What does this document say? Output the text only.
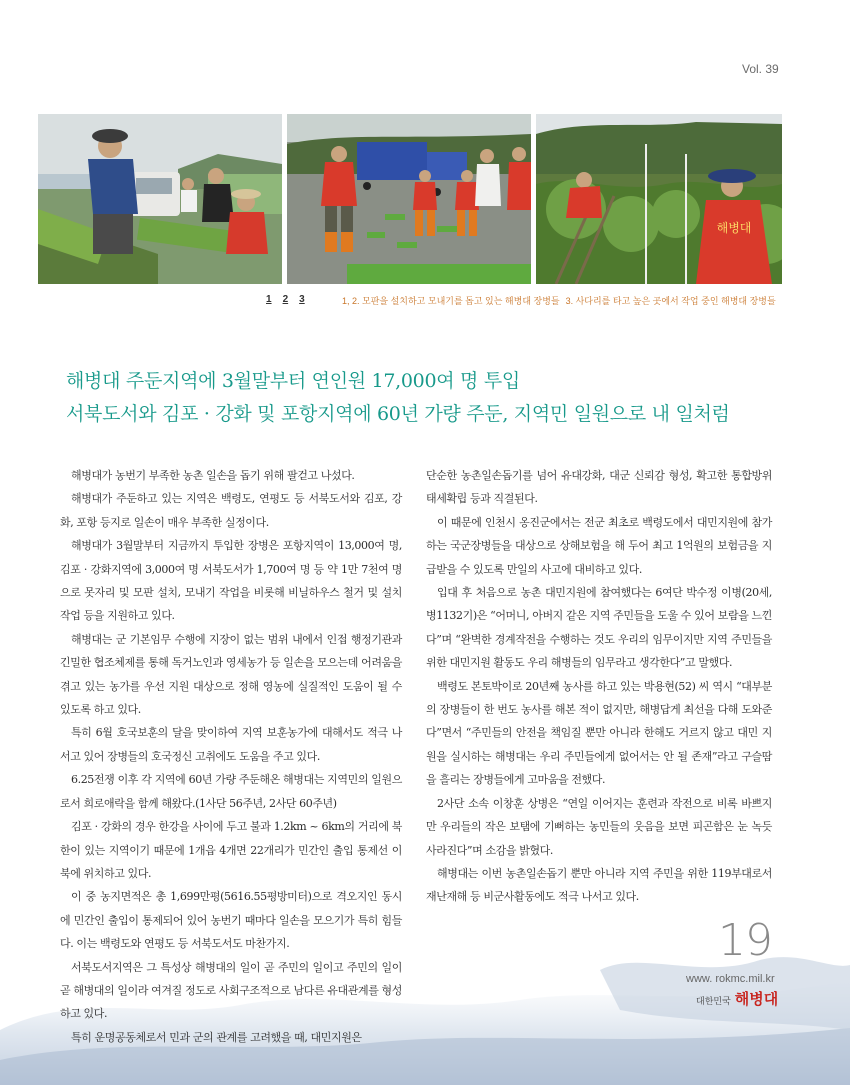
Vol. 39
해병대
1 2 3	1, 2. 모판을 설치하고 모내기를 돕고 있는 해병대 장병들 3. 사다리를 타고 높은 곳에서 작업 중인 해병대 장병들
해병대 주둔지역에 3월말부터 연인원 17,000여 명 투입
서북도서와 김포 · 강화 및 포항지역에 60년 가량 주둔, 지역민 일원으로 내 일처럼

해병대가 농번기 부족한 농촌 일손을 돕기 위해 팔걷고 나섰다.

해병대가 주둔하고 있는 지역은 백령도, 연평도 등 서북도서와 김포, 강화, 포항 등지로 일손이 매우 부족한 실정이다.

해병대가 3월말부터 지금까지 투입한 장병은 포항지역이 13,000여 명, 김포 · 강화지역에 3,000여 명 서북도서가 1,700여 명 등 약 1만 7천여 명으로 못자리 및 모판 설치, 모내기 작업을 비롯해 비닐하우스 철거 및 설치작업 등을 지원하고 있다.

해병대는 군 기본임무 수행에 지장이 없는 범위 내에서 인접 행정기관과 긴밀한 협조체제를 통해 독거노인과 영세농가 등 일손을 모으는데 어려움을 겪고 있는 농가를 우선 지원 대상으로 정해 영농에 실질적인 도움이 될 수 있도록 하고 있다.

특히 6월 호국보훈의 달을 맞이하여 지역 보훈농가에 대해서도 적극 나서고 있어 장병들의 호국정신 고취에도 도움을 주고 있다.

6.25전쟁 이후 각 지역에 60년 가량 주둔해온 해병대는 지역민의 일원으로서 희로애락을 함께 해왔다.(1사단 56주년, 2사단 60주년)

김포 · 강화의 경우 한강을 사이에 두고 불과 1.2km ~ 6km의 거리에 북한이 있는 지역이기 때문에 1개읍 4개면 22개리가 민간인 출입 통제선 이북에 위치하고 있다.

이 중 농지면적은 총 1,699만평(5616.55평방미터)으로 격오지인 동시에 민간인 출입이 통제되어 있어 농번기 때마다 일손을 모으기가 특히 힘들다. 이는 백령도와 연평도 등 서북도서도 마찬가지.

서북도서지역은 그 특성상 해병대의 일이 곧 주민의 일이고 주민의 일이 곧 해병대의 일이라 여겨질 정도로 사회구조적으로 남다른 유대관계를 형성하고 있다.

특히 운명공동체로서 민과 군의 관계를 고려했을 때, 대민지원은

단순한 농촌일손돕기를 넘어 유대강화, 대군 신뢰감 형성, 확고한 통합방위태세확립 등과 직결된다.

이 때문에 인천시 옹진군에서는 전군 최초로 백령도에서 대민지원에 참가하는 국군장병들을 대상으로 상해보험을 해 두어 최고 1억원의 보험금을 지급받을 수 있도록 만일의 사고에 대비하고 있다.

입대 후 처음으로 농촌 대민지원에 참여했다는 6여단 박수정 이병(20세, 병1132기)은 “어머니, 아버지 같은 지역 주민들을 도울 수 있어 보람을 느낀다”며 “완벽한 경계작전을 수행하는 것도 우리의 임무이지만 지역 주민들을 위한 대민지원 활동도 우리 해병들의 임무라고 생각한다”고 말했다.

백령도 본토박이로 20년째 농사를 하고 있는 박용현(52) 씨 역시 “대부분의 장병들이 한 번도 농사를 해본 적이 없지만, 해병답게 최선을 다해 도와준다”면서 “주민들의 안전을 책임질 뿐만 아니라 한해도 거르지 않고 대민 지원을 실시하는 해병대는 우리 주민들에게 없어서는 안 될 존재”라고 구슬땀을 흘리는 장병들에게 고마움을 전했다.

2사단 소속 이창훈 상병은 “연일 이어지는 훈련과 작전으로 비록 바쁘지만 우리들의 작은 보탬에 기뻐하는 농민들의 웃음을 보면 피곤함은 눈 녹듯 사라진다”며 소감을 밝혔다.

해병대는 이번 농촌일손돕기 뿐만 아니라 지역 주민을 위한 119부대로서 재난재해 등 비군사활동에도 적극 나서고 있다.

19
www. rokmc.mil.kr
대한민국 해병대
